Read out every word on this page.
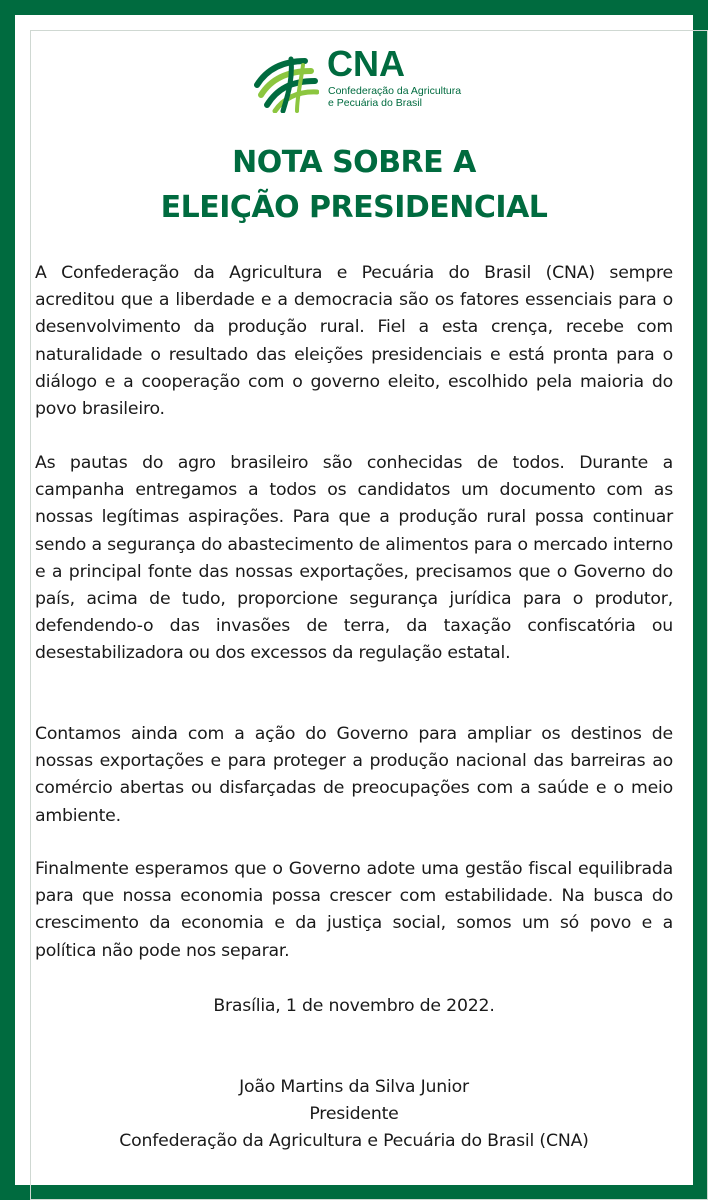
CNA
Confederação da Agricultura
e Pecuária do Brasil
NOTA SOBRE A
ELEIÇÃO PRESIDENCIAL

A Confederação da Agricultura e Pecuária do Brasil (CNA) sempre acreditou que a liberdade e a democracia são os fatores essenciais para o desenvolvimento da produção rural. Fiel a esta crença, recebe com naturalidade o resultado das eleições presidenciais e está pronta para o diálogo e a cooperação com o governo eleito, escolhido pela maioria do povo brasileiro.

As pautas do agro brasileiro são conhecidas de todos. Durante a campanha entregamos a todos os candidatos um documento com as nossas legítimas aspirações. Para que a produção rural possa continuar sendo a segurança do abastecimento de alimentos para o mercado interno e a principal fonte das nossas exportações, precisamos que o Governo do país, acima de tudo, proporcione segurança jurídica para o produtor, defendendo-o das invasões de terra, da taxação confiscatória ou desestabilizadora ou dos excessos da regulação estatal.

Contamos ainda com a ação do Governo para ampliar os destinos de nossas exportações e para proteger a produção nacional das barreiras ao comércio abertas ou disfarçadas de preocupações com a saúde e o meio ambiente.

Finalmente esperamos que o Governo adote uma gestão fiscal equilibrada para que nossa economia possa crescer com estabilidade. Na busca do crescimento da economia e da justiça social, somos um só povo e a política não pode nos separar.

Brasília, 1 de novembro de 2022.
João Martins da Silva Junior
Presidente
Confederação da Agricultura e Pecuária do Brasil (CNA)
